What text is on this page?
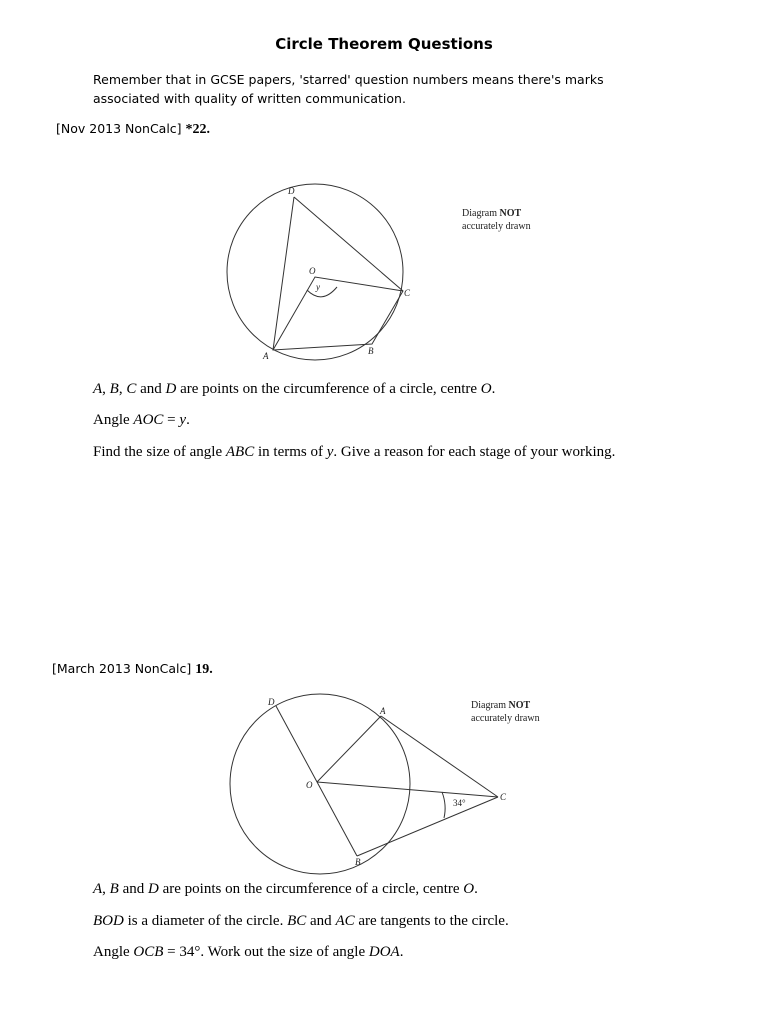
Circle Theorem Questions
Remember that in GCSE papers, 'starred' question numbers means there's marks associated with quality of written communication.
[Nov 2013 NonCalc] *22.
D
O
y
C
A	B
Diagram NOT
accurately drawn
A, B, C and D are points on the circumference of a circle, centre O.
Angle AOC = y.
Find the size of angle ABC in terms of y. Give a reason for each stage of your working.
[March 2013 NonCalc] 19.
D
A
O
C
B
34°
Diagram NOT
accurately drawn
A, B and D are points on the circumference of a circle, centre O.
BOD is a diameter of the circle. BC and AC are tangents to the circle.
Angle OCB = 34°. Work out the size of angle DOA.
